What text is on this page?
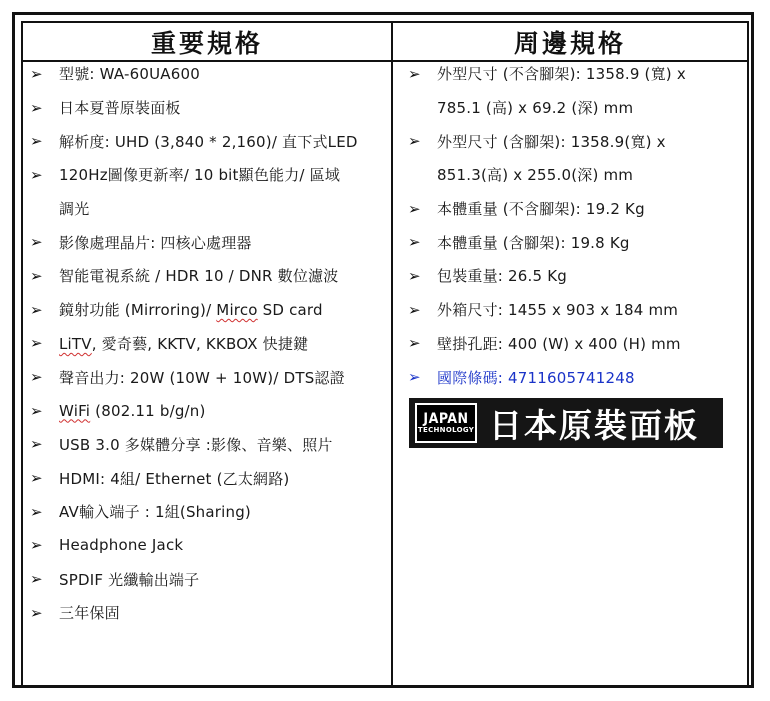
重要規格	周邊規格
➢	型號: WA-60UA600
➢	日本夏普原裝面板
➢	解析度: UHD (3,840 * 2,160)/ 直下式LED
➢	120Hz圖像更新率/ 10 bit顯色能力/ 區域
調光
➢	影像處理晶片: 四核心處理器
➢	智能電視系統 / HDR 10 / DNR 數位濾波
➢	鏡射功能 (Mirroring)/ Mirco SD card
➢	LiTV, 愛奇藝, KKTV, KKBOX 快捷鍵
➢	聲音出力: 20W (10W + 10W)/ DTS認證
➢	WiFi (802.11 b/g/n)
➢	USB 3.0 多媒體分享 :影像、音樂、照片
➢	HDMI: 4組/ Ethernet (乙太網路)
➢	AV輸入端子 : 1組(Sharing)
➢	Headphone Jack
➢	SPDIF 光纖輸出端子
➢	三年保固
➢	外型尺寸 (不含腳架): 1358.9 (寬) x
785.1 (高) x 69.2 (深) mm
➢	外型尺寸 (含腳架): 1358.9(寬) x
851.3(高) x 255.0(深) mm
➢	本體重量 (不含腳架): 19.2 Kg
➢	本體重量 (含腳架): 19.8 Kg
➢	包裝重量: 26.5 Kg
➢	外箱尺寸: 1455 x 903 x 184 mm
➢	壁掛孔距: 400 (W) x 400 (H) mm
➢	國際條碼: 4711605741248
JAPAN
TECHNOLOGY 日本原裝面板
